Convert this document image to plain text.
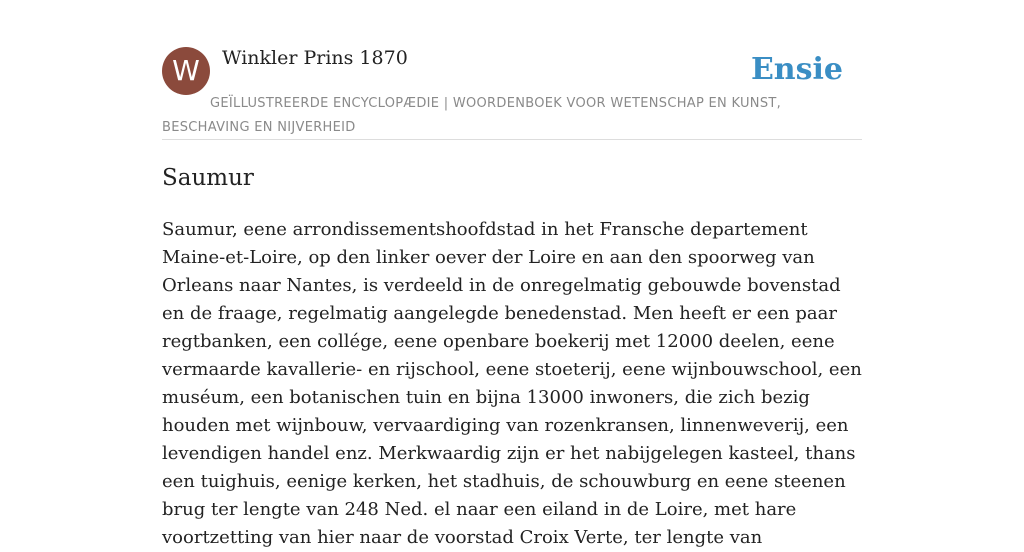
W	Winkler Prins 1870	Ensie
GEÏLLUSTREERDE ENCYCLOPÆDIE | WOORDENBOEK VOOR WETENSCHAP EN KUNST, BESCHAVING EN NIJVERHEID
Saumur

Saumur, eene arrondissementshoofdstad in het Fransche departement Maine-et-Loire, op den linker oever der Loire en aan den spoorweg van Orleans naar Nantes, is verdeeld in de onregelmatig gebouwde bovenstad en de fraage, regelmatig aangelegde benedenstad. Men heeft er een paar regtbanken, een collége, eene openbare boekerij met 12000 deelen, eene vermaarde kavallerie- en rijschool, eene stoeterij, eene wijnbouwschool, een muséum, een botanischen tuin en bijna 13000 inwoners, die zich bezig houden met wijnbouw, vervaardiging van rozenkransen, linnenweverij, een levendigen handel enz. Merkwaardig zijn er het nabijgelegen kasteel, thans een tuighuis, eenige kerken, het stadhuis, de schouwburg en eene steenen brug ter lengte van 248 Ned. el naar een eiland in de Loire, met hare voortzetting van hier naar de voorstad Croix Verte, ter lengte van
